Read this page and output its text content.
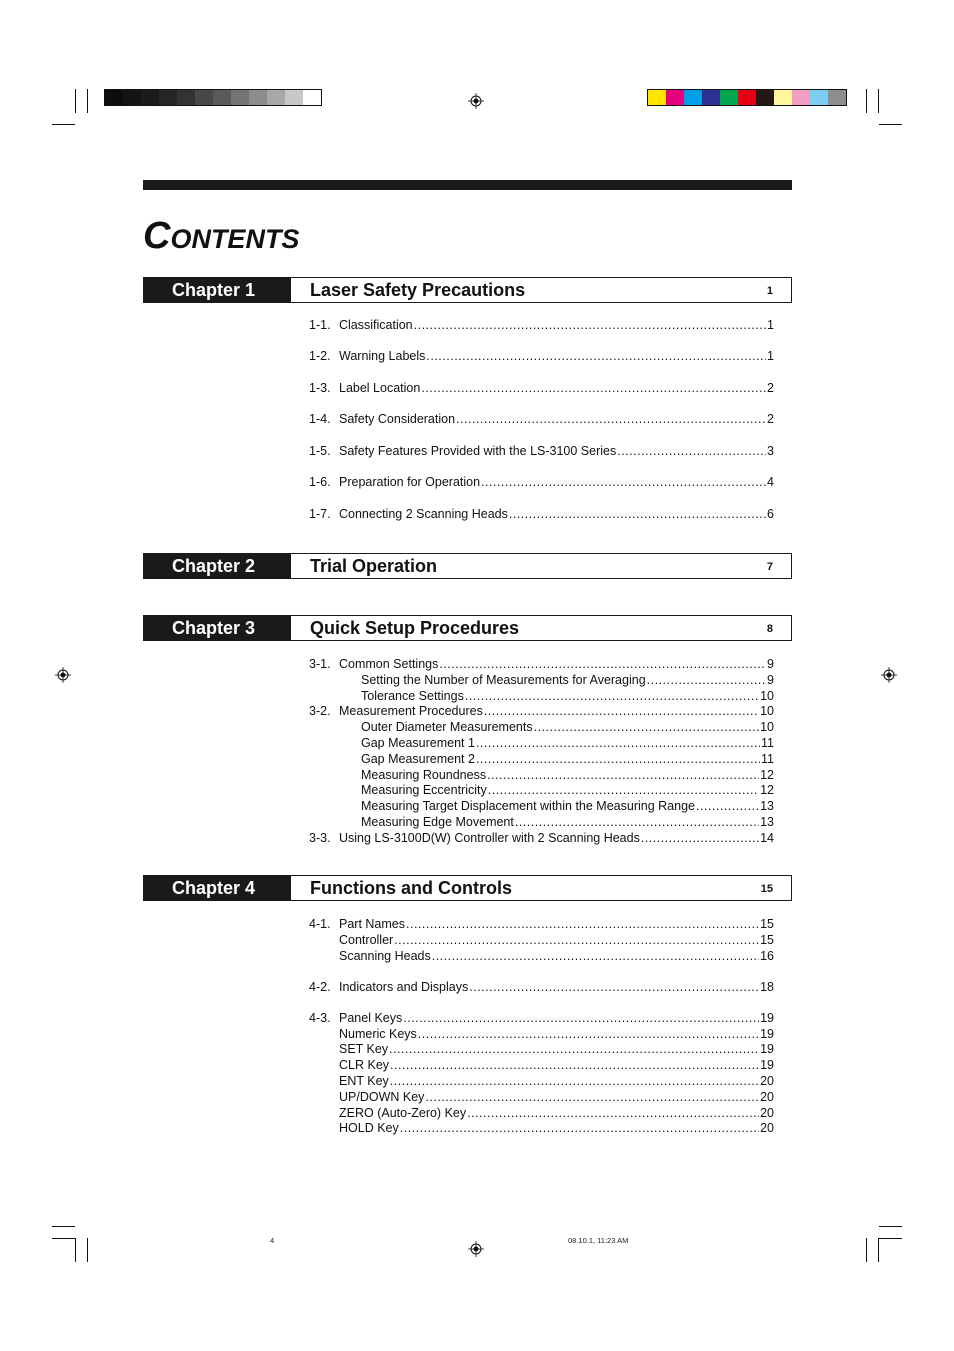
Contents
Chapter 1	Laser Safety Precautions	1
1-1. Classification .....	1
1-2. Warning Labels .....	1
1-3. Label Location .....	2
1-4. Safety Consideration .....	2
1-5. Safety Features Provided with the LS-3100 Series .....	3
1-6. Preparation for Operation .....	4
1-7. Connecting 2 Scanning Heads .....	6
Chapter 2	Trial Operation	7
Chapter 3	Quick Setup Procedures	8
3-1. Common Settings .....	9
Setting the Number of Measurements for Averaging .....	9
Tolerance Settings .....	10
3-2. Measurement Procedures .....	10
Outer Diameter Measurements .....	10
Gap Measurement 1 .....	11
Gap Measurement 2 .....	11
Measuring Roundness .....	12
Measuring Eccentricity .....	12
Measuring Target Displacement within the Measuring Range .....	13
Measuring Edge Movement .....	13
3-3. Using LS-3100D(W) Controller with 2 Scanning Heads .....	14
Chapter 4	Functions and Controls	15
4-1. Part Names .....	15
Controller .....	15
Scanning Heads .....	16
4-2. Indicators and Displays .....	18
4-3. Panel Keys .....	19
Numeric Keys .....	19
SET Key .....	19
CLR Key .....	19
ENT Key .....	20
UP/DOWN Key .....	20
ZERO (Auto-Zero) Key .....	20
HOLD Key .....	20
4	08.10.1, 11:23 AM
